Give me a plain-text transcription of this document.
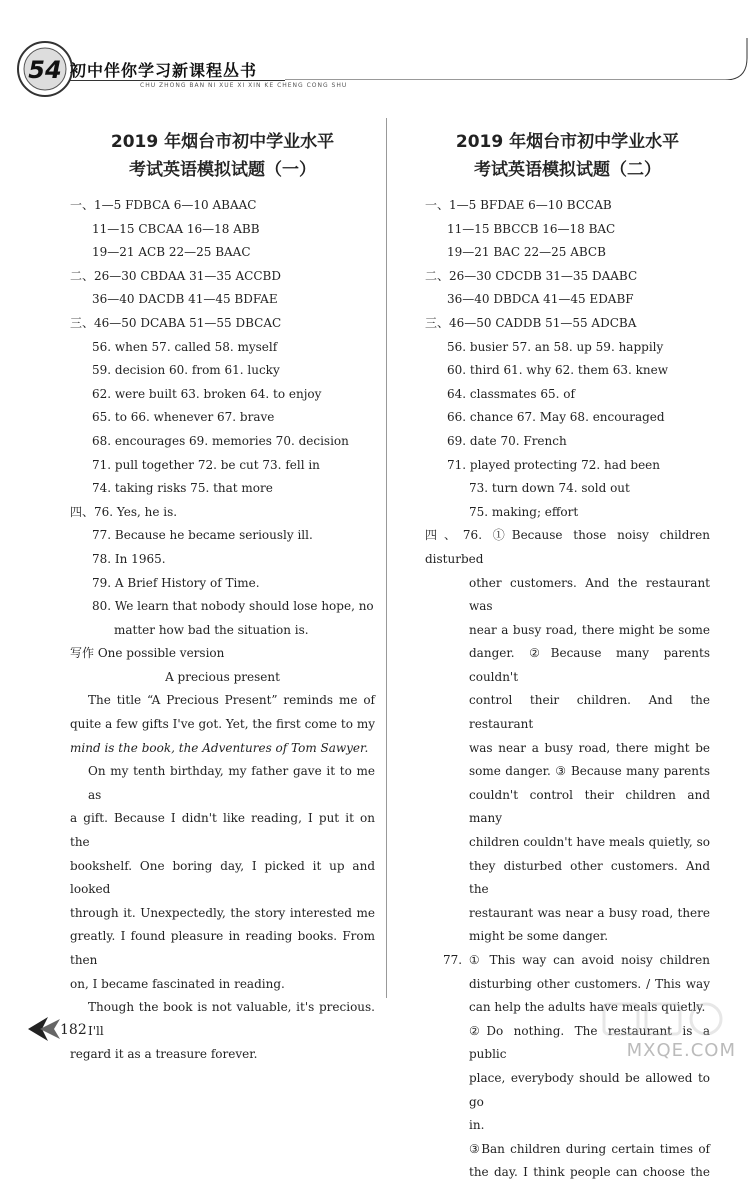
54 初中伴你学习新课程丛书
CHU ZHONG BAN NI XUE XI XIN KE CHENG CONG SHU
2019 年烟台市初中学业水平
考试英语模拟试题（一）
一、1—5 FDBCA 6—10 ABAAC
11—15 CBCAA 16—18 ABB
19—21 ACB 22—25 BAAC
二、26—30 CBDAA 31—35 ACCBD
36—40 DACDB 41—45 BDFAE
三、46—50 DCABA 51—55 DBCAC
56. when 57. called 58. myself
59. decision 60. from 61. lucky
62. were built 63. broken 64. to enjoy
65. to 66. whenever 67. brave
68. encourages 69. memories 70. decision
71. pull together 72. be cut 73. fell in
74. taking risks 75. that more
四、76. Yes, he is.
77. Because he became seriously ill.
78. In 1965.
79. A Brief History of Time.
80. We learn that nobody should lose hope, no
matter how bad the situation is.
写作 One possible version
A precious present
The title “A Precious Present” reminds me of
quite a few gifts I've got. Yet, the first come to my
mind is the book, the Adventures of Tom Sawyer.
On my tenth birthday, my father gave it to me as
a gift. Because I didn't like reading, I put it on the
bookshelf. One boring day, I picked it up and looked
through it. Unexpectedly, the story interested me
greatly. I found pleasure in reading books. From then
on, I became fascinated in reading.
Though the book is not valuable, it's precious. I'll
regard it as a treasure forever.
2019 年烟台市初中学业水平
考试英语模拟试题（二）
一、1—5 BFDAE 6—10 BCCAB
11—15 BBCCB 16—18 BAC
19—21 BAC 22—25 ABCB
二、26—30 CDCDB 31—35 DAABC
36—40 DBDCA 41—45 EDABF
三、46—50 CADDB 51—55 ADCBA
56. busier 57. an 58. up 59. happily
60. third 61. why 62. them 63. knew
64. classmates 65. of
66. chance 67. May 68. encouraged
69. date 70. French
71. played protecting 72. had been
73. turn down 74. sold out
75. making; effort
四、76. ①Because those noisy children disturbed
other customers. And the restaurant was
near a busy road, there might be some
danger. ②Because many parents couldn't
control their children. And the restaurant
was near a busy road, there might be
some danger. ③ Because many parents
couldn't control their children and many
children couldn't have meals quietly, so
they disturbed other customers. And the
restaurant was near a busy road, there
might be some danger.
77. ① This way can avoid noisy children
disturbing other customers. / This way
can help the adults have meals quietly.
②Do nothing. The restaurant is a public
place, everybody should be allowed to go
in.
③Ban children during certain times of
the day. I think people can choose the
182
MXQE.COM
